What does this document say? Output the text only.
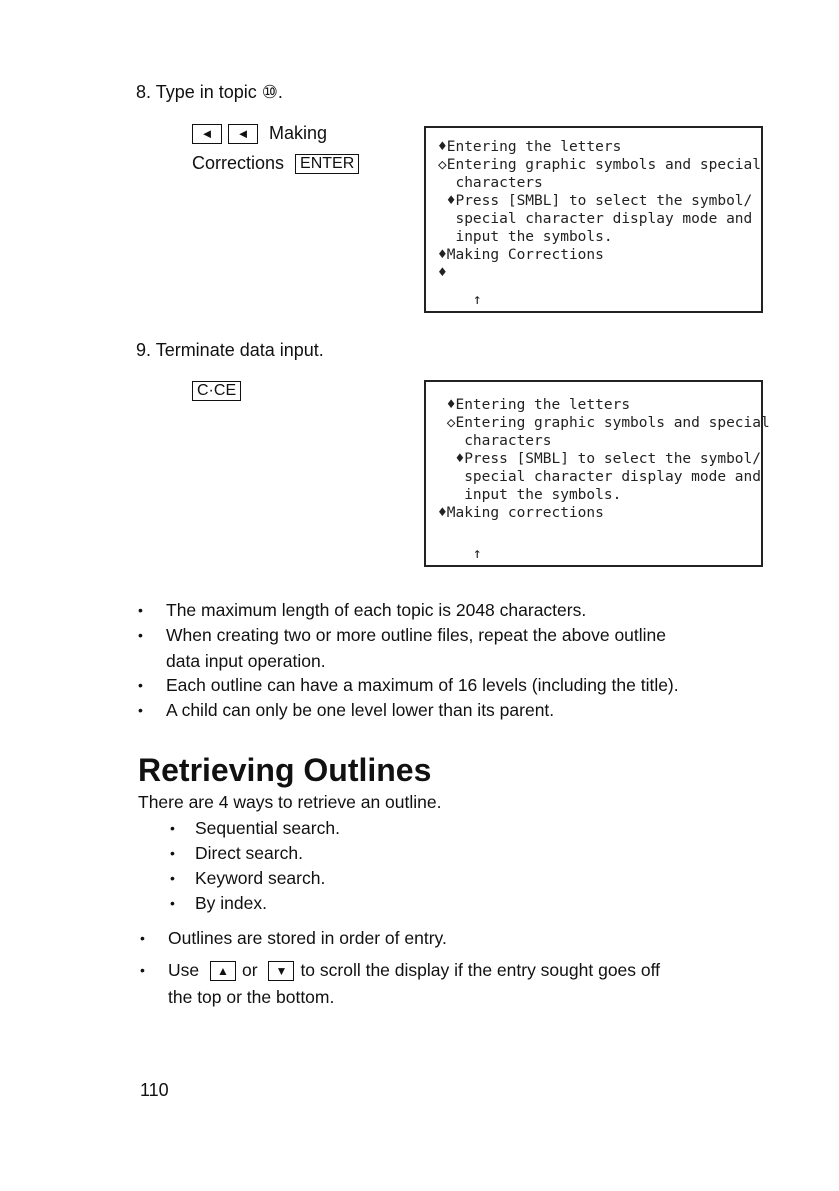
8. Type in topic ⑩.
◄ ◄ Making
Corrections ENTER
♦Entering the letters
◇Entering graphic symbols and special
characters
♦Press [SMBL] to select the symbol/
special character display mode and
input the symbols.
♦Making Corrections
♦
↑
9. Terminate data input.
C·CE
♦Entering the letters
◇Entering graphic symbols and special
characters
♦Press [SMBL] to select the symbol/
special character display mode and
input the symbols.
♦Making corrections
↑
• The maximum length of each topic is 2048 characters.
• When creating two or more outline files, repeat the above outline
data input operation.
• Each outline can have a maximum of 16 levels (including the title).
• A child can only be one level lower than its parent.
Retrieving Outlines
There are 4 ways to retrieve an outline.
• Sequential search.
• Direct search.
• Keyword search.
• By index.
• Outlines are stored in order of entry.
• Use ▲ or ▼ to scroll the display if the entry sought goes off
the top or the bottom.
110
